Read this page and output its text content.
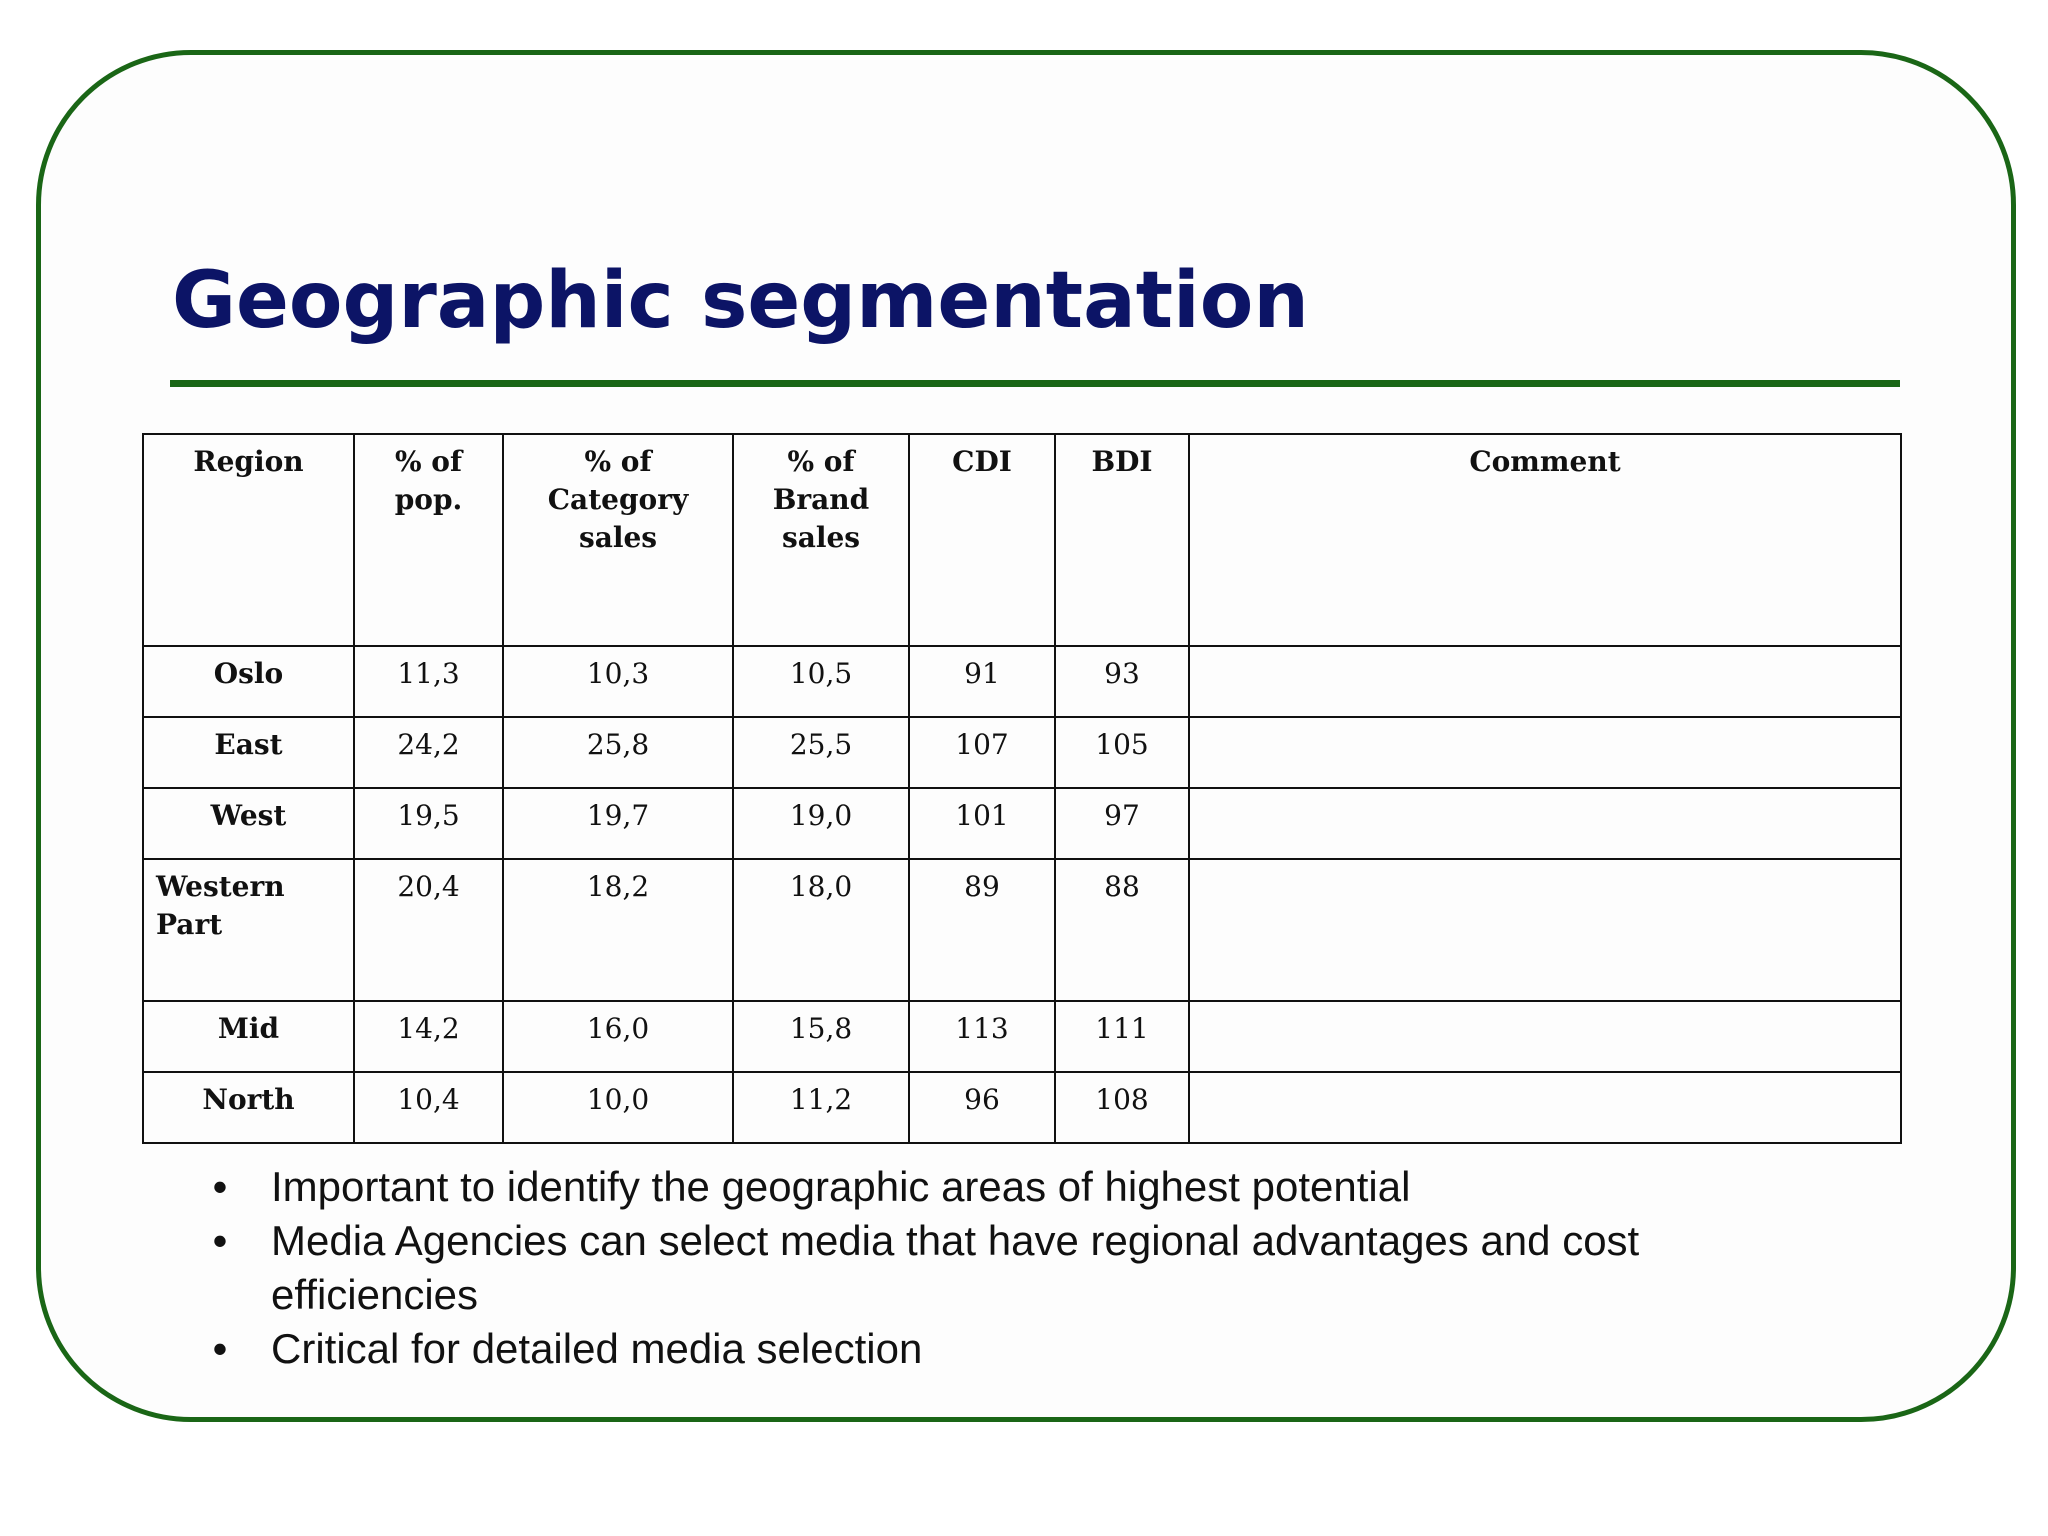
Geographic segmentation
Region	% of pop.	% of Category sales	% of Brand sales	CDI	BDI	Comment
Oslo	11,3	10,3	10,5	91	93	
East	24,2	25,8	25,5	107	105	
West	19,5	19,7	19,0	101	97	
Western Part	20,4	18,2	18,0	89	88	
Mid	14,2	16,0	15,8	113	111	
North	10,4	10,0	11,2	96	108	
• Important to identify the geographic areas of highest potential
• Media Agencies can select media that have regional advantages and cost efficiencies
• Critical for detailed media selection
